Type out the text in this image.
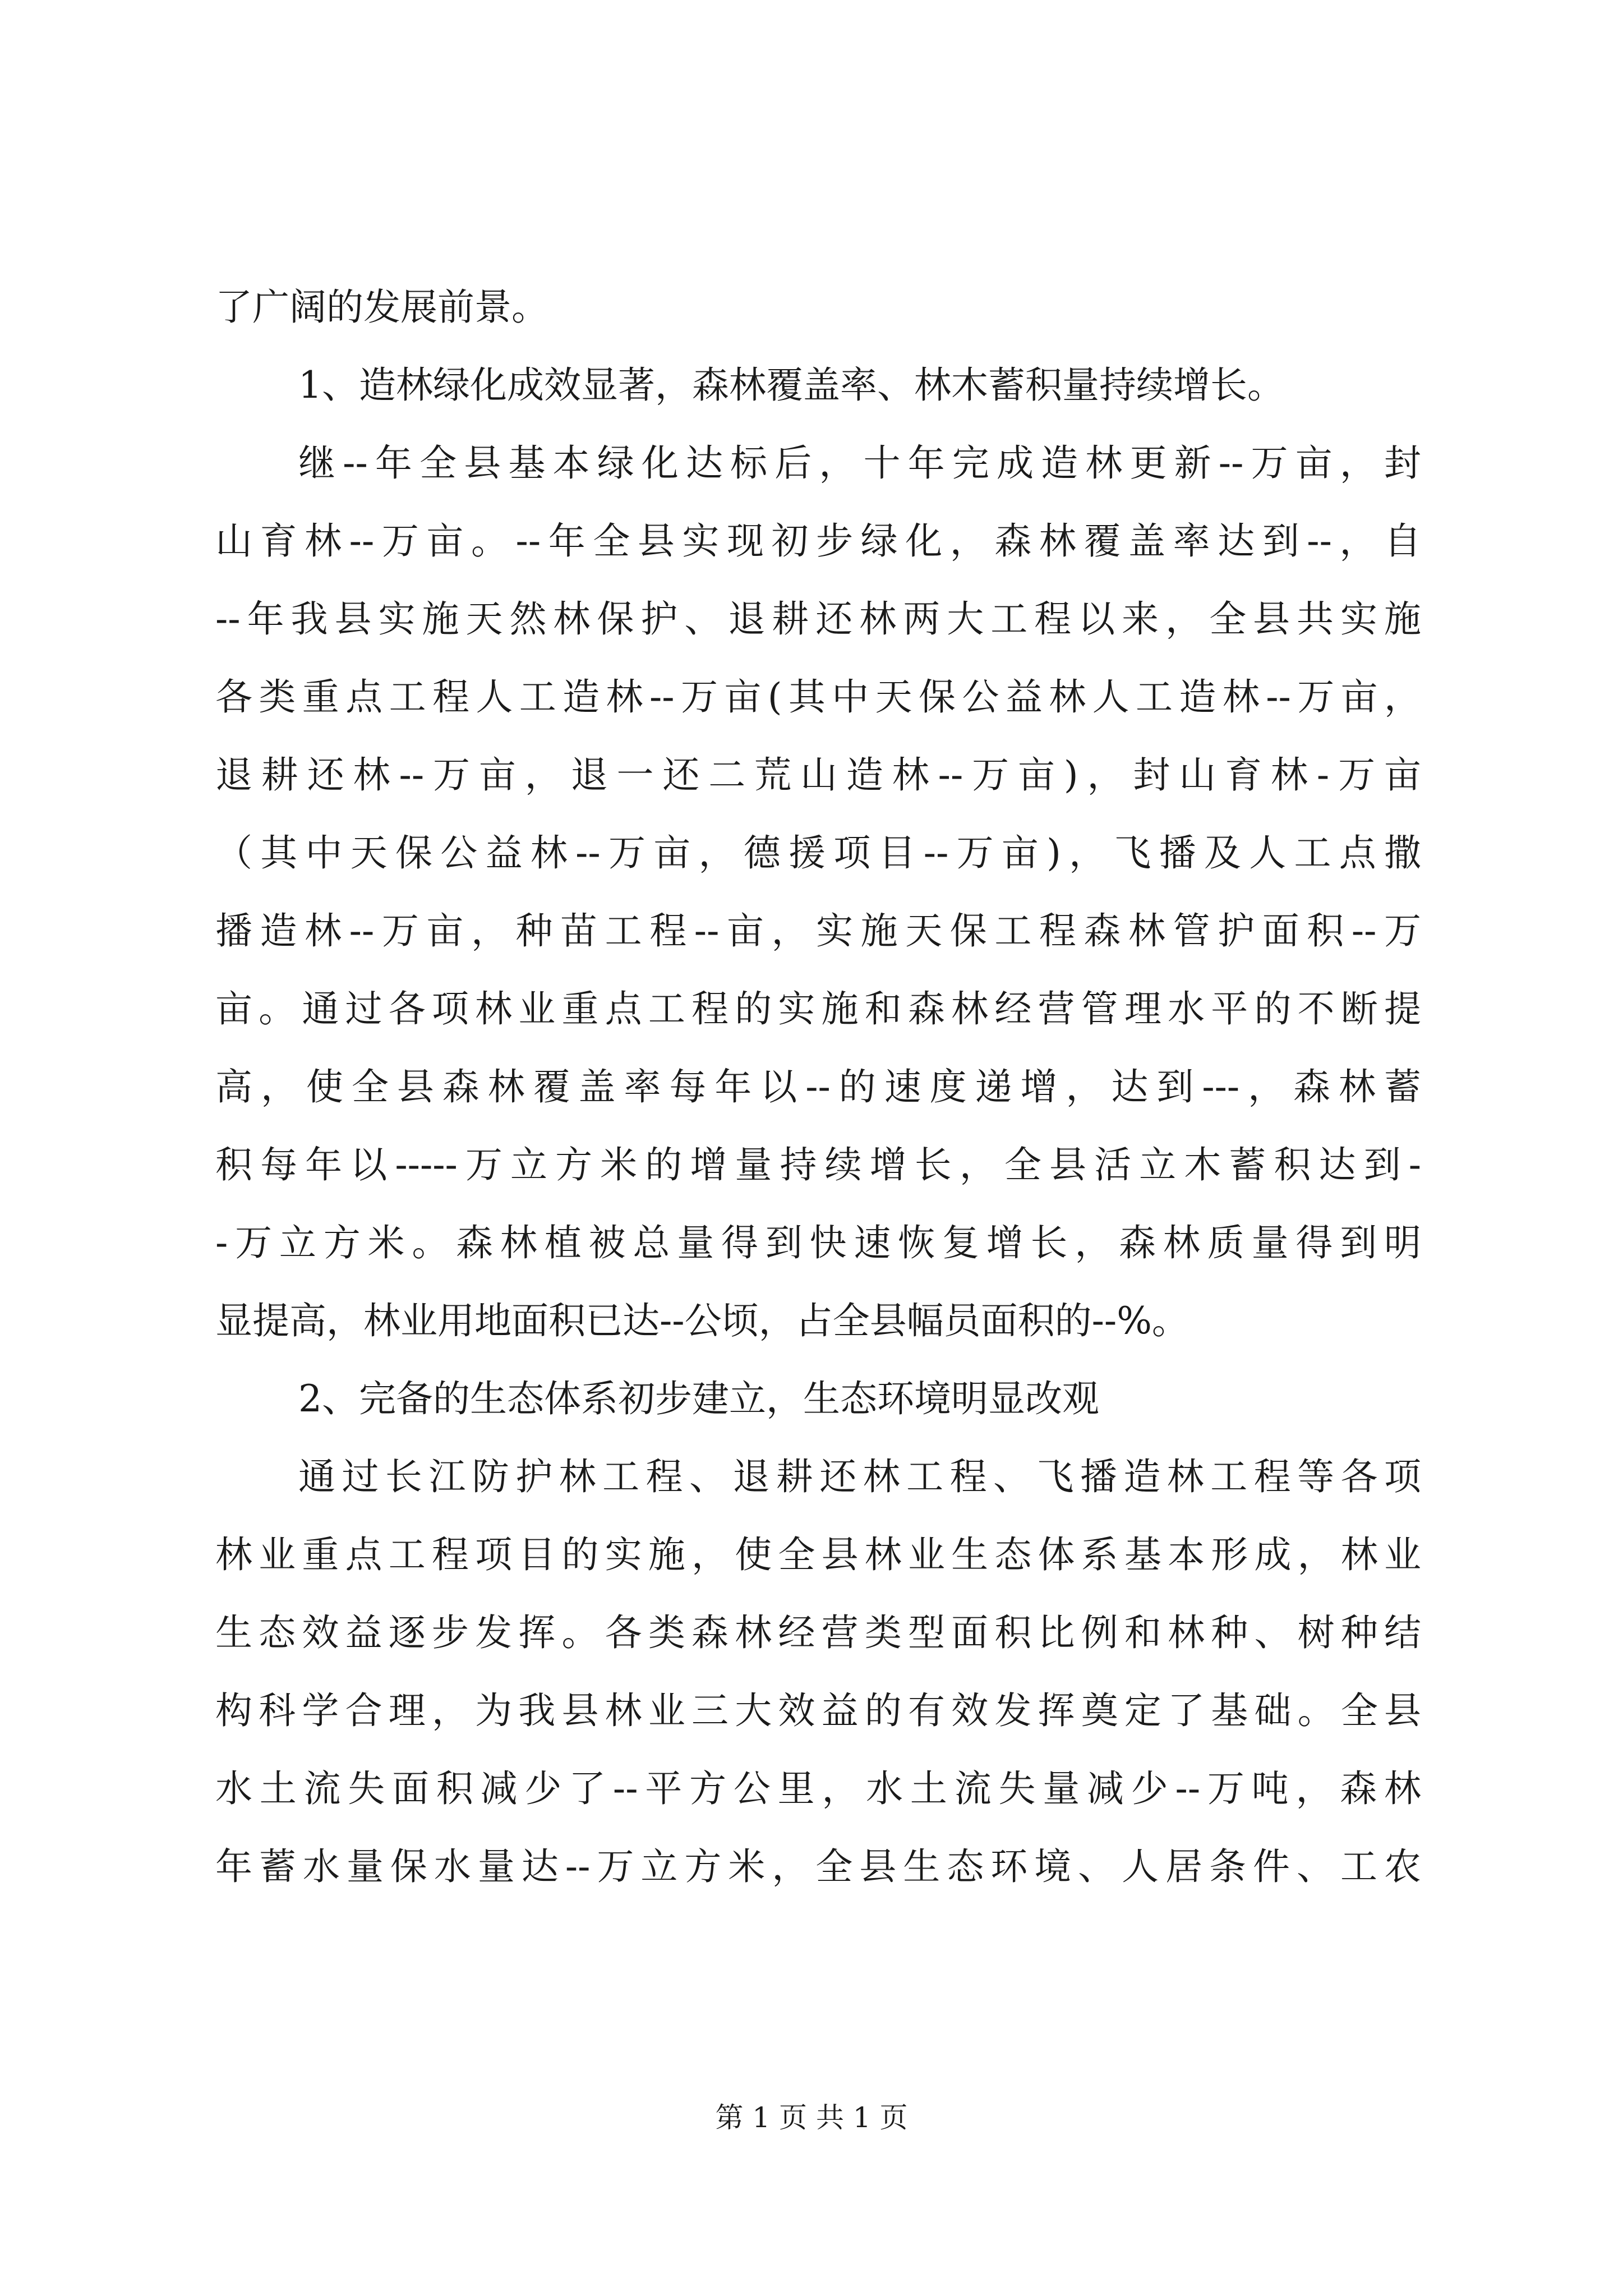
了广阔的发展前景。
1、造林绿化成效显著，森林覆盖率、林木蓄积量持续增长。
继--年全县基本绿化达标后，十年完成造林更新--万亩，封
山育林--万亩。--年全县实现初步绿化，森林覆盖率达到--，自
--年我县实施天然林保护、退耕还林两大工程以来，全县共实施
各类重点工程人工造林--万亩(其中天保公益林人工造林--万亩，
退耕还林--万亩，退一还二荒山造林--万亩)，封山育林-万亩
（其中天保公益林--万亩，德援项目--万亩)，飞播及人工点撒
播造林--万亩，种苗工程--亩，实施天保工程森林管护面积--万
亩。通过各项林业重点工程的实施和森林经营管理水平的不断提
高，使全县森林覆盖率每年以--的速度递增，达到---，森林蓄
积每年以-----万立方米的增量持续增长，全县活立木蓄积达到-
-万立方米。森林植被总量得到快速恢复增长，森林质量得到明
显提高，林业用地面积已达--公顷，占全县幅员面积的--%。
2、完备的生态体系初步建立，生态环境明显改观
通过长江防护林工程、退耕还林工程、飞播造林工程等各项
林业重点工程项目的实施，使全县林业生态体系基本形成，林业
生态效益逐步发挥。各类森林经营类型面积比例和林种、树种结
构科学合理，为我县林业三大效益的有效发挥奠定了基础。全县
水土流失面积减少了--平方公里，水土流失量减少--万吨，森林
年蓄水量保水量达--万立方米，全县生态环境、人居条件、工农
第 1 页 共 1 页
